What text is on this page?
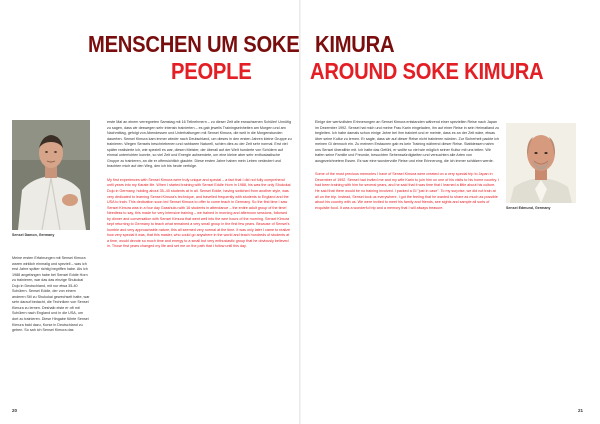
MENSCHEN UM SOKE KIMURA
PEOPLE AROUND SOKE KIMURA
Sensei Damon, Germany
Sensei Edmund, Germany

Meine ersten Erfahrungen mit Sensei Kimura waren wirklich einmalig und speziell – was ich erst Jahre später richtig begriffen habe. Als ich 1988 angefangen habe bei Sensei Eddie Horn zu trainieren, war das das einzige Shukokai Dojo in Deutschland, mit nur etwa 35-40 Schülern. Sensei Eddie, der von einem anderen Stil zu Shukokai gewechselt hatte, war sehr darauf bedacht, die Techniken von Sensei Kimura zu lernen. Deshalb eiste er oft mit Schülern nach England und in die USA, um dort zu trainieren. Diese Hingabe führte Sensei Kimura bald dazu, Kurse in Deutschland zu geben. So sah ich Sensei Kimura das

erste Mal an einem verregneten Samstag mit 16 Teilnehmern – zu dieser Zeit alle erwachsenen Schüler! Unnötig zu sagen, dass wir deswegen sehr intensiv trainierten – es gab jeweils Trainingseinheiten am Morgen und am Nachmittag, gefolgt von Abendessen und Unterhaltungen mit Sensei Kimura, die weit in die Morgenstunden dauerten. Sensei Kimura kam immer wieder nach Deutschland, um dieses in den ersten Jahren kleine Gruppe zu trainieren. Wegen Senseis beschriebenen und nahbaren Naturell, schien dies zu der Zeit sehr normal. Erst viel später realisierte ich, wie speziell es war, diesen Meister, der überall auf der Welt hunderte von Schülern auf einmal unterrichten konnte, so viel Zeit und Energie aufwendete, um eine kleine aber sehr enthusiastische Gruppe zu trainieren, an die er offensichtlich glaubte. Diese ersten Jahre haben mein Leben verändert und brachten mich auf den Weg, den ich bis heute verfolge.

My first experiences with Sensei Kimura were truly unique and special – a fact that I did not fully comprehend until years into my Karate life. When I started training with Sensei Eddie Horn in 1988, his was the only Shukokai Dojo in Germany, holding about 35–40 students at in all. Sensei Eddie, having switched from another style, was very dedicated to learning Sensei Kimura's technique, and travelled frequently with students to England and the USA to train. This dedication soon led Sensei Kimura to offer to come teach in Germany. So the first time I saw Sensei Kimura was in a four day Gasshuku with 16 students in attendance – the entire adult group of the time! Needless to say, this made for very intensive training – we trained in morning and afternoon sessions, followed by dinner and conversation with Sensei Kimura that went well into the wee hours of the morning. Sensei Kimura kept returning to Germany to teach what remained a very small group in the first few years. Because of Sensei's humble and very approachable nature, this all seemed very normal at the time. It was only later I came to realize how very special it was, that this master, who could go anywhere in the world and teach hundreds of students at a time, would devote so much time and energy to a small but very enthusiastic group that he obviously believed in. Those first years changed my life and set me on the path that I follow until this day.

Einige der wertvollsten Erinnerungen an Sensei Kimura entstanden während einer speziellen Reise nach Japan im Dezember 1992. Sensei hat mich und meine Frau Karin eingeladen, ihn auf einer Reise in sein Heimatland zu begleiten. Ich habe damals schon einige Jahre bei ihm trainiert und er meinte, dass es an der Zeit wäre, etwas über seine Kultur zu lernen. Er sagte, dass wir auf dieser Reise nicht trainieren würden. Zur Sicherheit packte ich meinen Gi dennoch ein. Zu meinem Erstaunen gab es kein Training während dieser Reise. Stattdessen nahm uns Sensei überallhin mit. Ich hatte das Gefühl, er wollte so viel wie möglich seiner Kultur mit uns teilen. Wir trafen seine Familie und Freunde, besuchten Sehenswürdigkeiten und versuchten alle Arten von ausgezeichnetem Essen. Es war eine wundervolle Reise und eine Erinnerung, die ich immer schätzen werde.

Some of the most precious memories I have of Sensei Kimura were created on a very special trip to Japan in December of 1992. Sensei had invited me and my wife Karin to join him on one of his visits to his home country. I had been training with him for several years, and he said that it was time that I learned a little about his culture. He said that there would be no training involved. I packed a Gi "just in case". To my surprise, we did not train at all on the trip. Instead, Sensei took us everywhere. I got the feeling that he wanted to share as much as possible about his country with us. We were invited to meet his family and friends, see sights and sample all sorts of exquisite food. It was a wonderful trip and a memory that I will always treasure.

20	21
